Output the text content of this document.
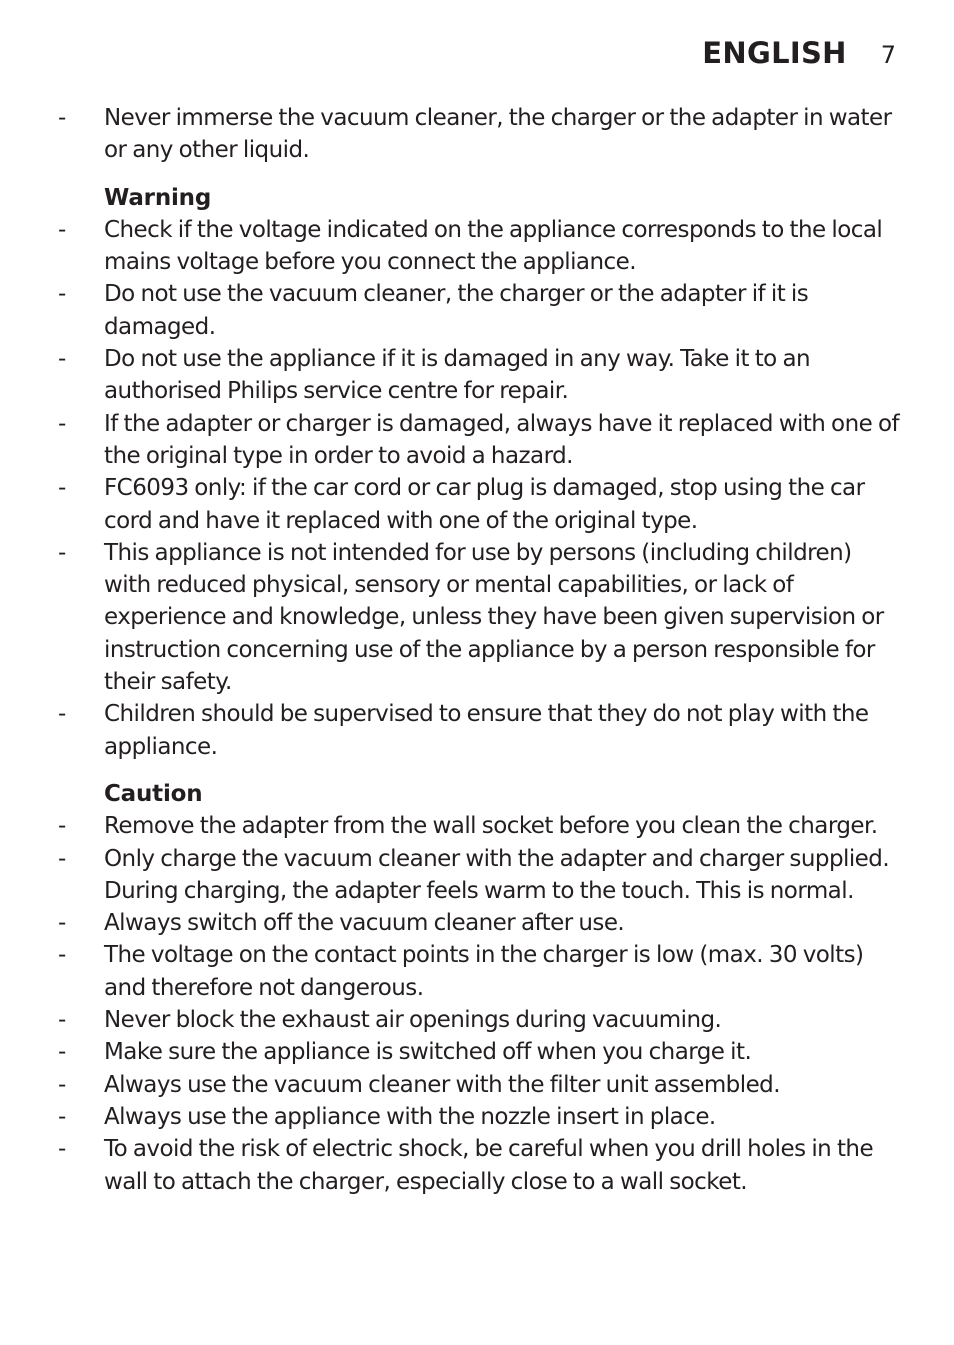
ENGLISH 7
- Never immerse the vacuum cleaner, the charger or the adapter in water or any other liquid.
Warning
- Check if the voltage indicated on the appliance corresponds to the local mains voltage before you connect the appliance.
- Do not use the vacuum cleaner, the charger or the adapter if it is damaged.
- Do not use the appliance if it is damaged in any way. Take it to an authorised Philips service centre for repair.
- If the adapter or charger is damaged, always have it replaced with one of the original type in order to avoid a hazard.
- FC6093 only: if the car cord or car plug is damaged, stop using the car cord and have it replaced with one of the original type.
- This appliance is not intended for use by persons (including children) with reduced physical, sensory or mental capabilities, or lack of experience and knowledge, unless they have been given supervision or instruction concerning use of the appliance by a person responsible for their safety.
- Children should be supervised to ensure that they do not play with the appliance.
Caution
- Remove the adapter from the wall socket before you clean the charger.
- Only charge the vacuum cleaner with the adapter and charger supplied. During charging, the adapter feels warm to the touch. This is normal.
- Always switch off the vacuum cleaner after use.
- The voltage on the contact points in the charger is low (max. 30 volts) and therefore not dangerous.
- Never block the exhaust air openings during vacuuming.
- Make sure the appliance is switched off when you charge it.
- Always use the vacuum cleaner with the filter unit assembled.
- Always use the appliance with the nozzle insert in place.
- To avoid the risk of electric shock, be careful when you drill holes in the wall to attach the charger, especially close to a wall socket.
